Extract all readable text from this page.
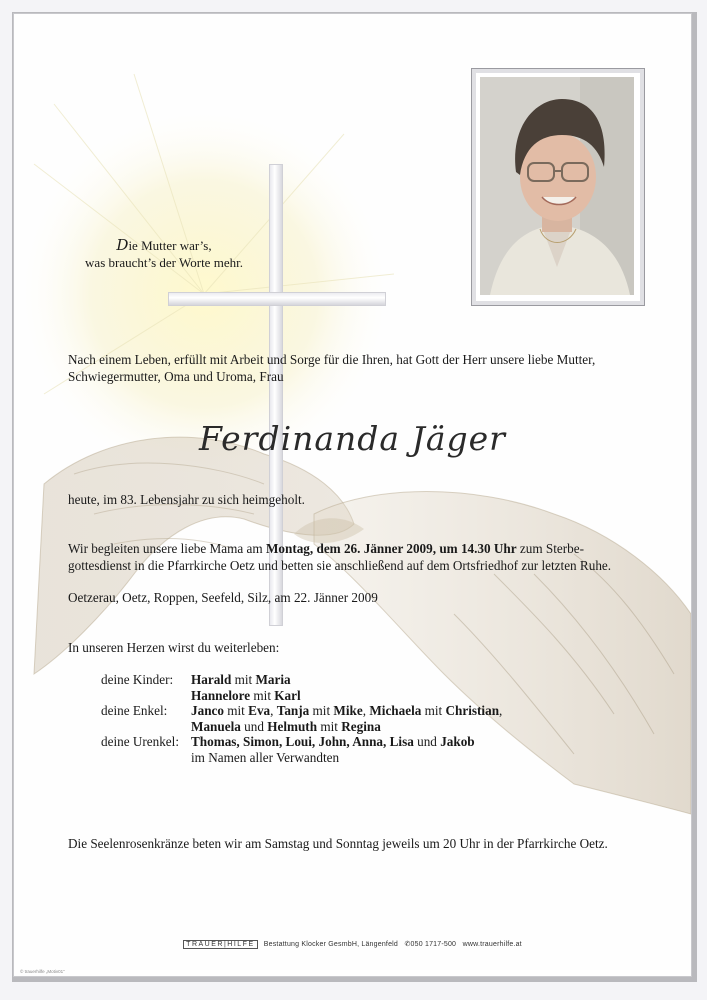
Die Mutter war’s,
was braucht’s der Worte mehr.
Nach einem Leben, erfüllt mit Arbeit und Sorge für die Ihren, hat Gott der Herr unsere liebe Mutter,
Schwiegermutter, Oma und Uroma, Frau
Ferdinanda Jäger
heute, im 83. Lebensjahr zu sich heimgeholt.
Wir begleiten unsere liebe Mama am Montag, dem 26. Jänner 2009, um 14.30 Uhr zum Sterbe-
gottesdienst in die Pfarrkirche Oetz und betten sie anschließend auf dem Ortsfriedhof zur letzten Ruhe.
Oetzerau, Oetz, Roppen, Seefeld, Silz, am 22. Jänner 2009
In unseren Herzen wirst du weiterleben:
deine Kinder: Harald mit Maria
Hannelore mit Karl
deine Enkel: Janco mit Eva, Tanja mit Mike, Michaela mit Christian,
Manuela und Helmuth mit Regina
deine Urenkel: Thomas, Simon, Loui, John, Anna, Lisa und Jakob
im Namen aller Verwandten
Die Seelenrosenkränze beten wir am Samstag und Sonntag jeweils um 20 Uhr in der Pfarrkirche Oetz.
TRAUER|HILFE Bestattung Klocker GesmbH, Längenfeld ✆050 1717-500 www.trauerhilfe.at
© trauerhilfe „Motiv01“
